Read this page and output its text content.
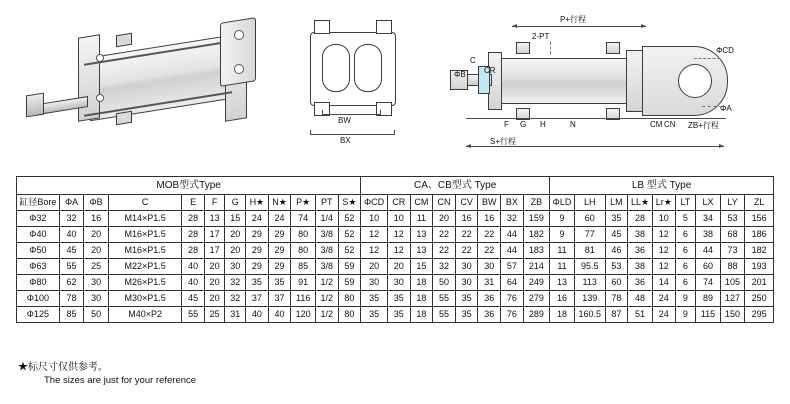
BW
BX
P+行程
2-PT
ΦCD
ΦA
ΦB
C
CR
F G H	N	CM CN ZB+行程
S+行程
MOB型式Type												CA、CB型式 Type								LB 型式 Type								
缸径Bore	ΦA	ΦB	C	E	F	G	H★	N★	P★	PT	S★	ΦCD	CR	CM	CN	CV	BW	BX	ZB	ΦLD	LH	LM	LL★	Lr★	LT	LX	LY	ZL
Φ32	32	16	M14×P1.5	28	13	15	24	24	74	1/4	52	10	10	11	20	16	16	32	159	9	60	35	28	10	5	34	53	156
Φ40	40	20	M16×P1.5	28	17	20	29	29	80	3/8	52	12	12	13	22	22	22	44	182	9	77	45	38	12	6	38	68	186
Φ50	45	20	M16×P1.5	28	17	20	29	29	80	3/8	52	12	12	13	22	22	22	44	183	11	81	46	36	12	6	44	73	182
Φ63	55	25	M22×P1.5	40	20	30	29	29	85	3/8	59	20	20	15	32	30	30	57	214	11	95.5	53	38	12	6	60	88	193
Φ80	62	30	M26×P1.5	40	20	32	35	35	91	1/2	59	30	30	18	50	30	31	64	249	13	113	60	36	14	6	74	105	201
Φ100	78	30	M30×P1.5	45	20	32	37	37	116	1/2	80	35	35	18	55	35	36	76	279	16	139	78	48	24	9	89	127	250
Φ125	85	50	M40×P2	55	25	31	40	40	120	1/2	80	35	35	18	55	35	36	76	289	18	160.5	87	51	24	9	115	150	295
★标尺寸仅供参考。
The sizes are just for your reference
